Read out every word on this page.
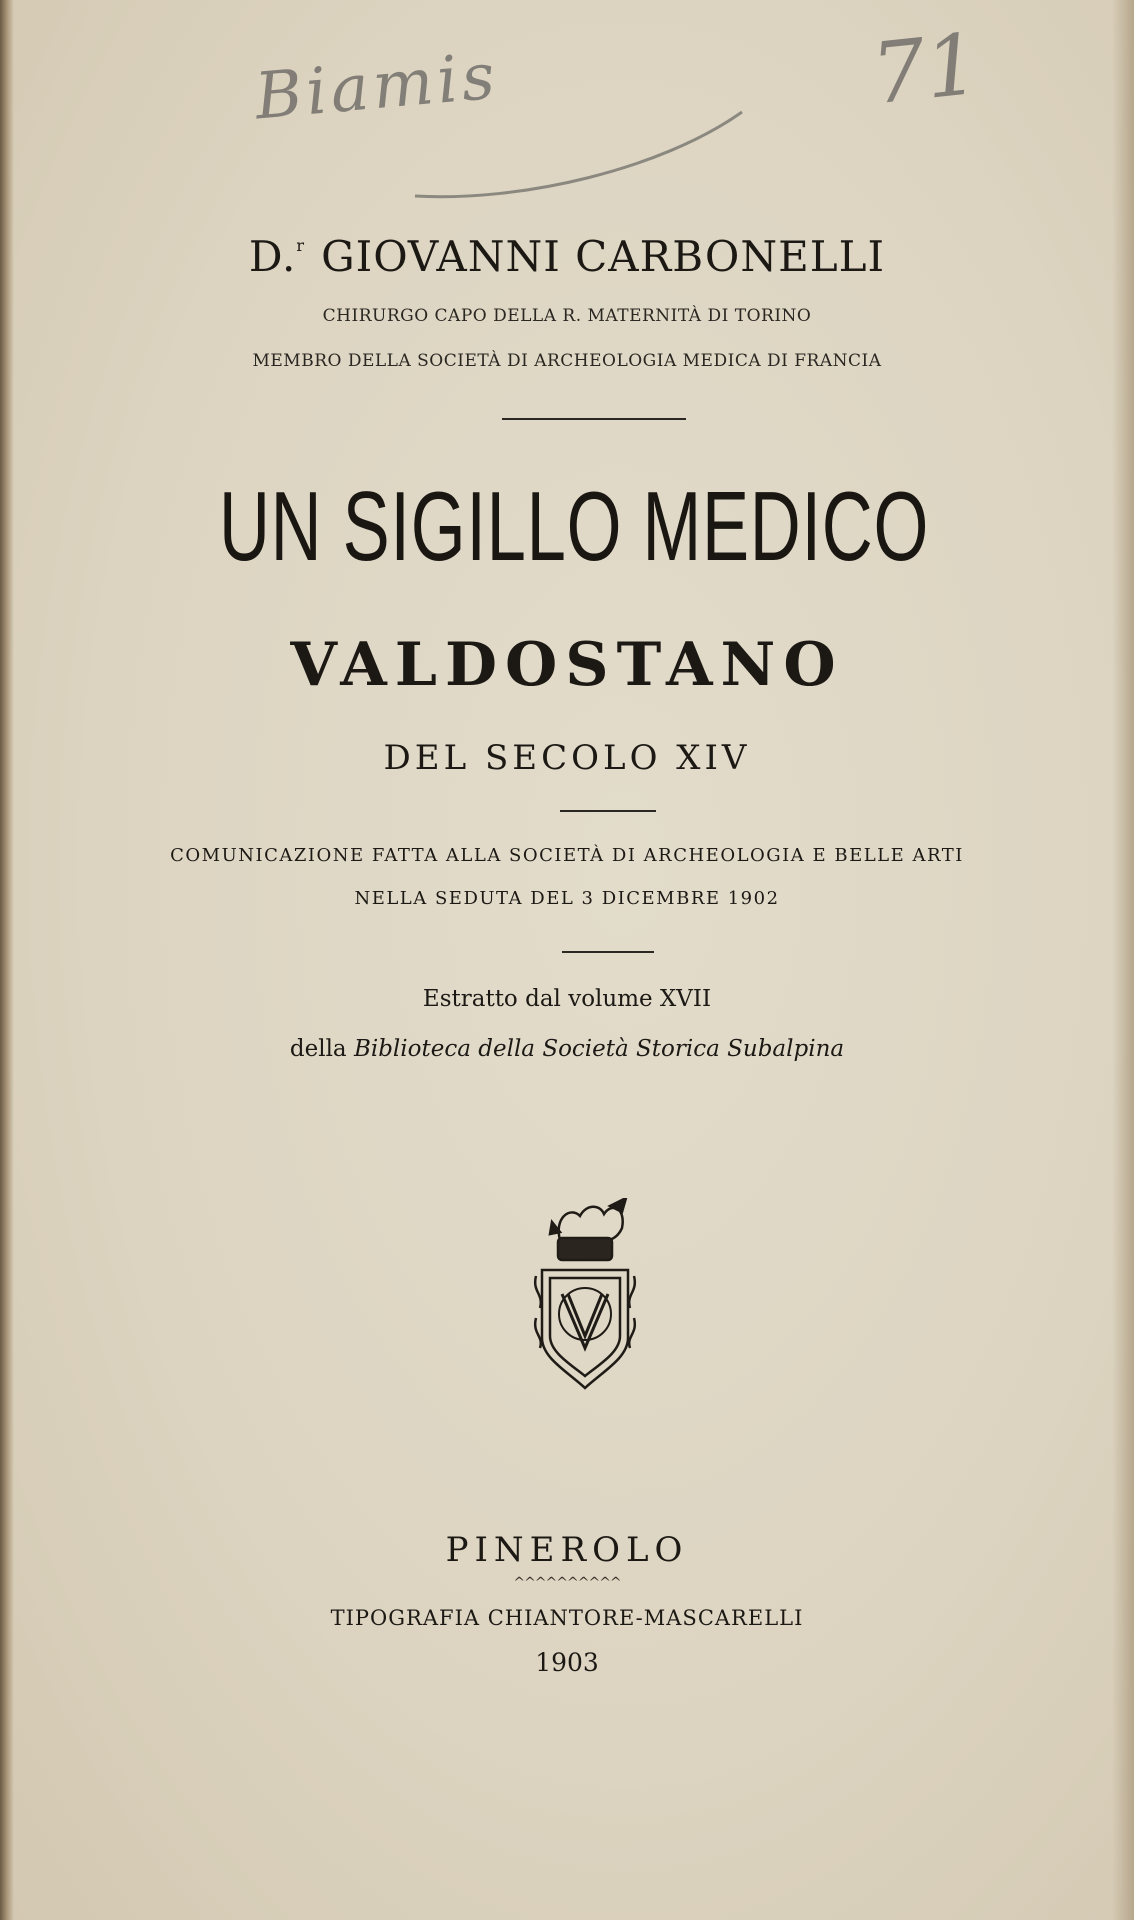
Biamis	71
D.$^r$ GIOVANNI CARBONELLI
CHIRURGO CAPO DELLA R. MATERNITÀ DI TORINO
MEMBRO DELLA SOCIETÀ DI ARCHEOLOGIA MEDICA DI FRANCIA
UN SIGILLO MEDICO
VALDOSTANO
DEL SECOLO XIV
COMUNICAZIONE FATTA ALLA SOCIETÀ DI ARCHEOLOGIA E BELLE ARTI
NELLA SEDUTA DEL 3 DICEMBRE 1902
Estratto dal volume XVII
della Biblioteca della Società Storica Subalpina
PINEROLO
^^^^^^^^^^
TIPOGRAFIA CHIANTORE-MASCARELLI
1903
